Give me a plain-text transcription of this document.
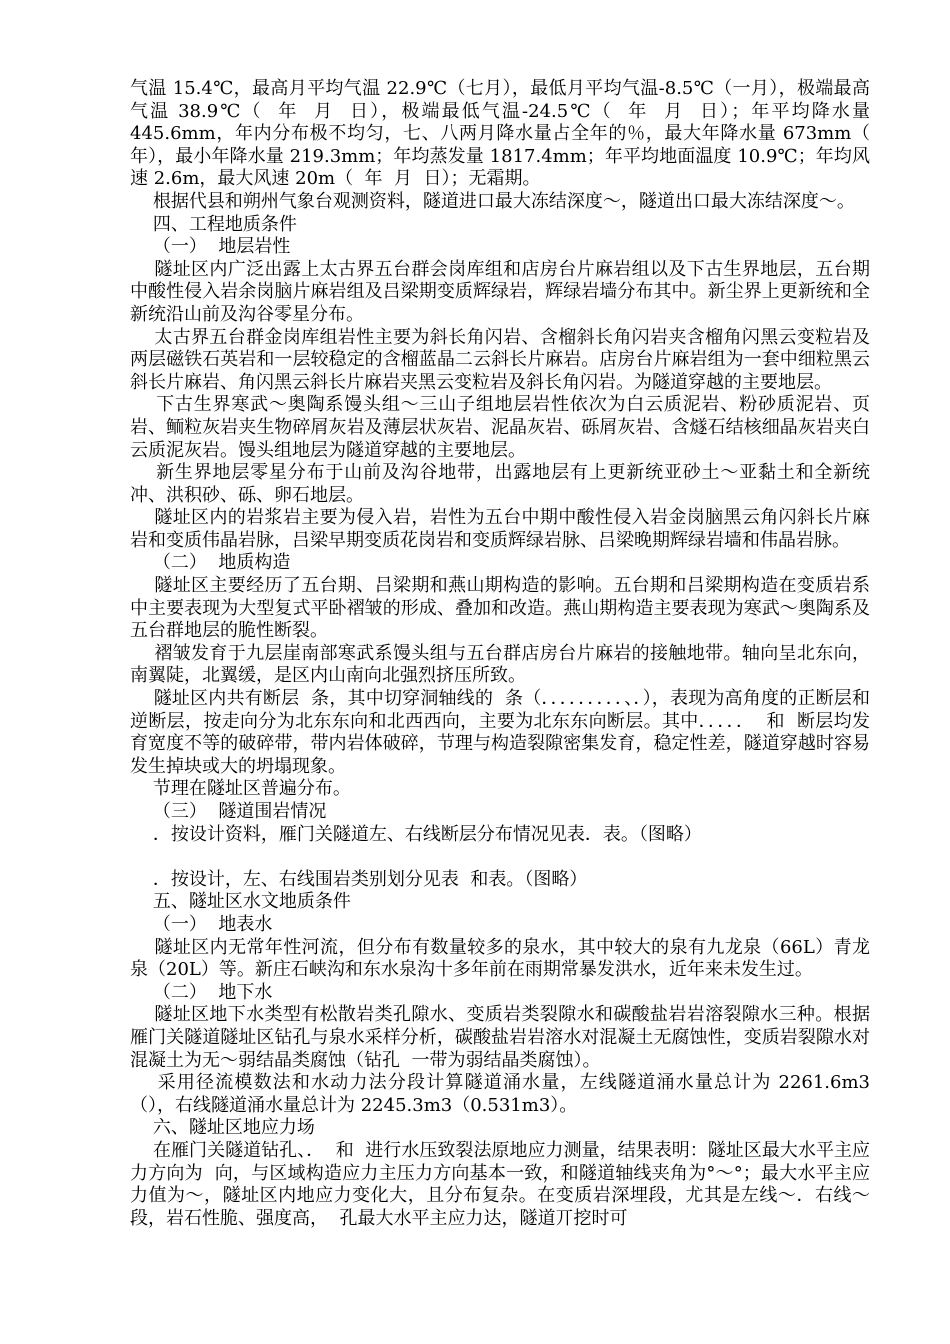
气温 15.4℃，最高月平均气温 22.9℃（七月），最低月平均气温-8.5℃（一月），极端最高气温 38.9℃（  年  月  日），极端最低气温-24.5℃（  年  月  日）；年平均降水量 445.6mm，年内分布极不均匀，七、八两月降水量占全年的％，最大年降水量 673mm（   年），最小年降水量 219.3mm；年均蒸发量 1817.4mm；年平均地面温度 10.9℃；年均风速 2.6m，最大风速 20m（  年  月  日）；无霜期。

根据代县和朔州气象台观测资料，隧道进口最大冻结深度～，隧道出口最大冻结深度～。

四、工程地质条件

（一）  地层岩性

隧址区内广泛出露上太古界五台群会岗库组和店房台片麻岩组以及下古生界地层，五台期中酸性侵入岩余岗脑片麻岩组及吕梁期变质辉绿岩，辉绿岩墙分布其中。新尘界上更新统和全新统沿山前及沟谷零星分布。

太古界五台群金岗库组岩性主要为斜长角闪岩、含榴斜长角闪岩夹含榴角闪黑云变粒岩及两层磁铁石英岩和一层较稳定的含榴蓝晶二云斜长片麻岩。店房台片麻岩组为一套中细粒黑云斜长片麻岩、角闪黑云斜长片麻岩夹黑云变粒岩及斜长角闪岩。为隧道穿越的主要地层。

下古生界寒武～奥陶系馒头组～三山子组地层岩性依次为白云质泥岩、粉砂质泥岩、页岩、鲕粒灰岩夹生物碎屑灰岩及薄层状灰岩、泥晶灰岩、砾屑灰岩、含燧石结核细晶灰岩夹白云质泥灰岩。馒头组地层为隧道穿越的主要地层。

新生界地层零星分布于山前及沟谷地带，出露地层有上更新统亚砂土～亚黏土和全新统冲、洪积砂、砾、卵石地层。

隧址区内的岩浆岩主要为侵入岩，岩性为五台中期中酸性侵入岩金岗脑黑云角闪斜长片麻岩和变质伟晶岩脉，吕梁早期变质花岗岩和变质辉绿岩脉、吕梁晚期辉绿岩墙和伟晶岩脉。

（二）  地质构造

隧址区主要经历了五台期、吕梁期和燕山期构造的影响。五台期和吕梁期构造在变质岩系中主要表现为大型复式平卧褶皱的形成、叠加和改造。燕山期构造主要表现为寒武～奥陶系及五台群地层的脆性断裂。

褶皱发育于九层崖南部寒武系馒头组与五台群店房台片麻岩的接触地带。轴向呈北东向，南翼陡，北翼缓，是区内山南向北强烈挤压所致。

隧址区内共有断层  条，其中切穿洞轴线的  条（．．．．．．．．．、．），表现为高角度的正断层和逆断层，按走向分为北东东向和北西西向，主要为北东东向断层。其中．．．．．  和  断层均发育宽度不等的破碎带，带内岩体破碎，节理与构造裂隙密集发育，稳定性差，隧道穿越时容易发生掉块或大的坍塌现象。

节理在隧址区普遍分布。

（三）  隧道围岩情况

．按设计资料，雁门关隧道左、右线断层分布情况见表．表。（图略）

．按设计，左、右线围岩类别划分见表  和表。（图略）

五、隧址区水文地质条件

（一）  地表水

隧址区内无常年性河流，但分布有数量较多的泉水，其中较大的泉有九龙泉（66L）青龙泉（20L）等。新庄石峡沟和东水泉沟十多年前在雨期常暴发洪水，近年来未发生过。

（二）  地下水

隧址区地下水类型有松散岩类孔隙水、变质岩类裂隙水和碳酸盐岩岩溶裂隙水三种。根据雁门关隧道隧址区钻孔与泉水采样分析，碳酸盐岩岩溶水对混凝土无腐蚀性，变质岩裂隙水对混凝土为无～弱结晶类腐蚀（钻孔  一带为弱结晶类腐蚀）。

采用径流模数法和水动力法分段计算隧道涌水量，左线隧道涌水量总计为 2261.6m3（），右线隧道涌水量总计为 2245.3m3（0.531m3）。

六、隧址区地应力场

在雁门关隧道钻孔、．  和  进行水压致裂法原地应力测量，结果表明：隧址区最大水平主应力方向为  向，与区域构造应力主压力方向基本一致，和隧道轴线夹角为°～°；最大水平主应力值为～，隧址区内地应力变化大，且分布复杂。在变质岩深埋段，尤其是左线～．右线～  段，岩石性脆、强度高，  孔最大水平主应力达，隧道丌挖时可
